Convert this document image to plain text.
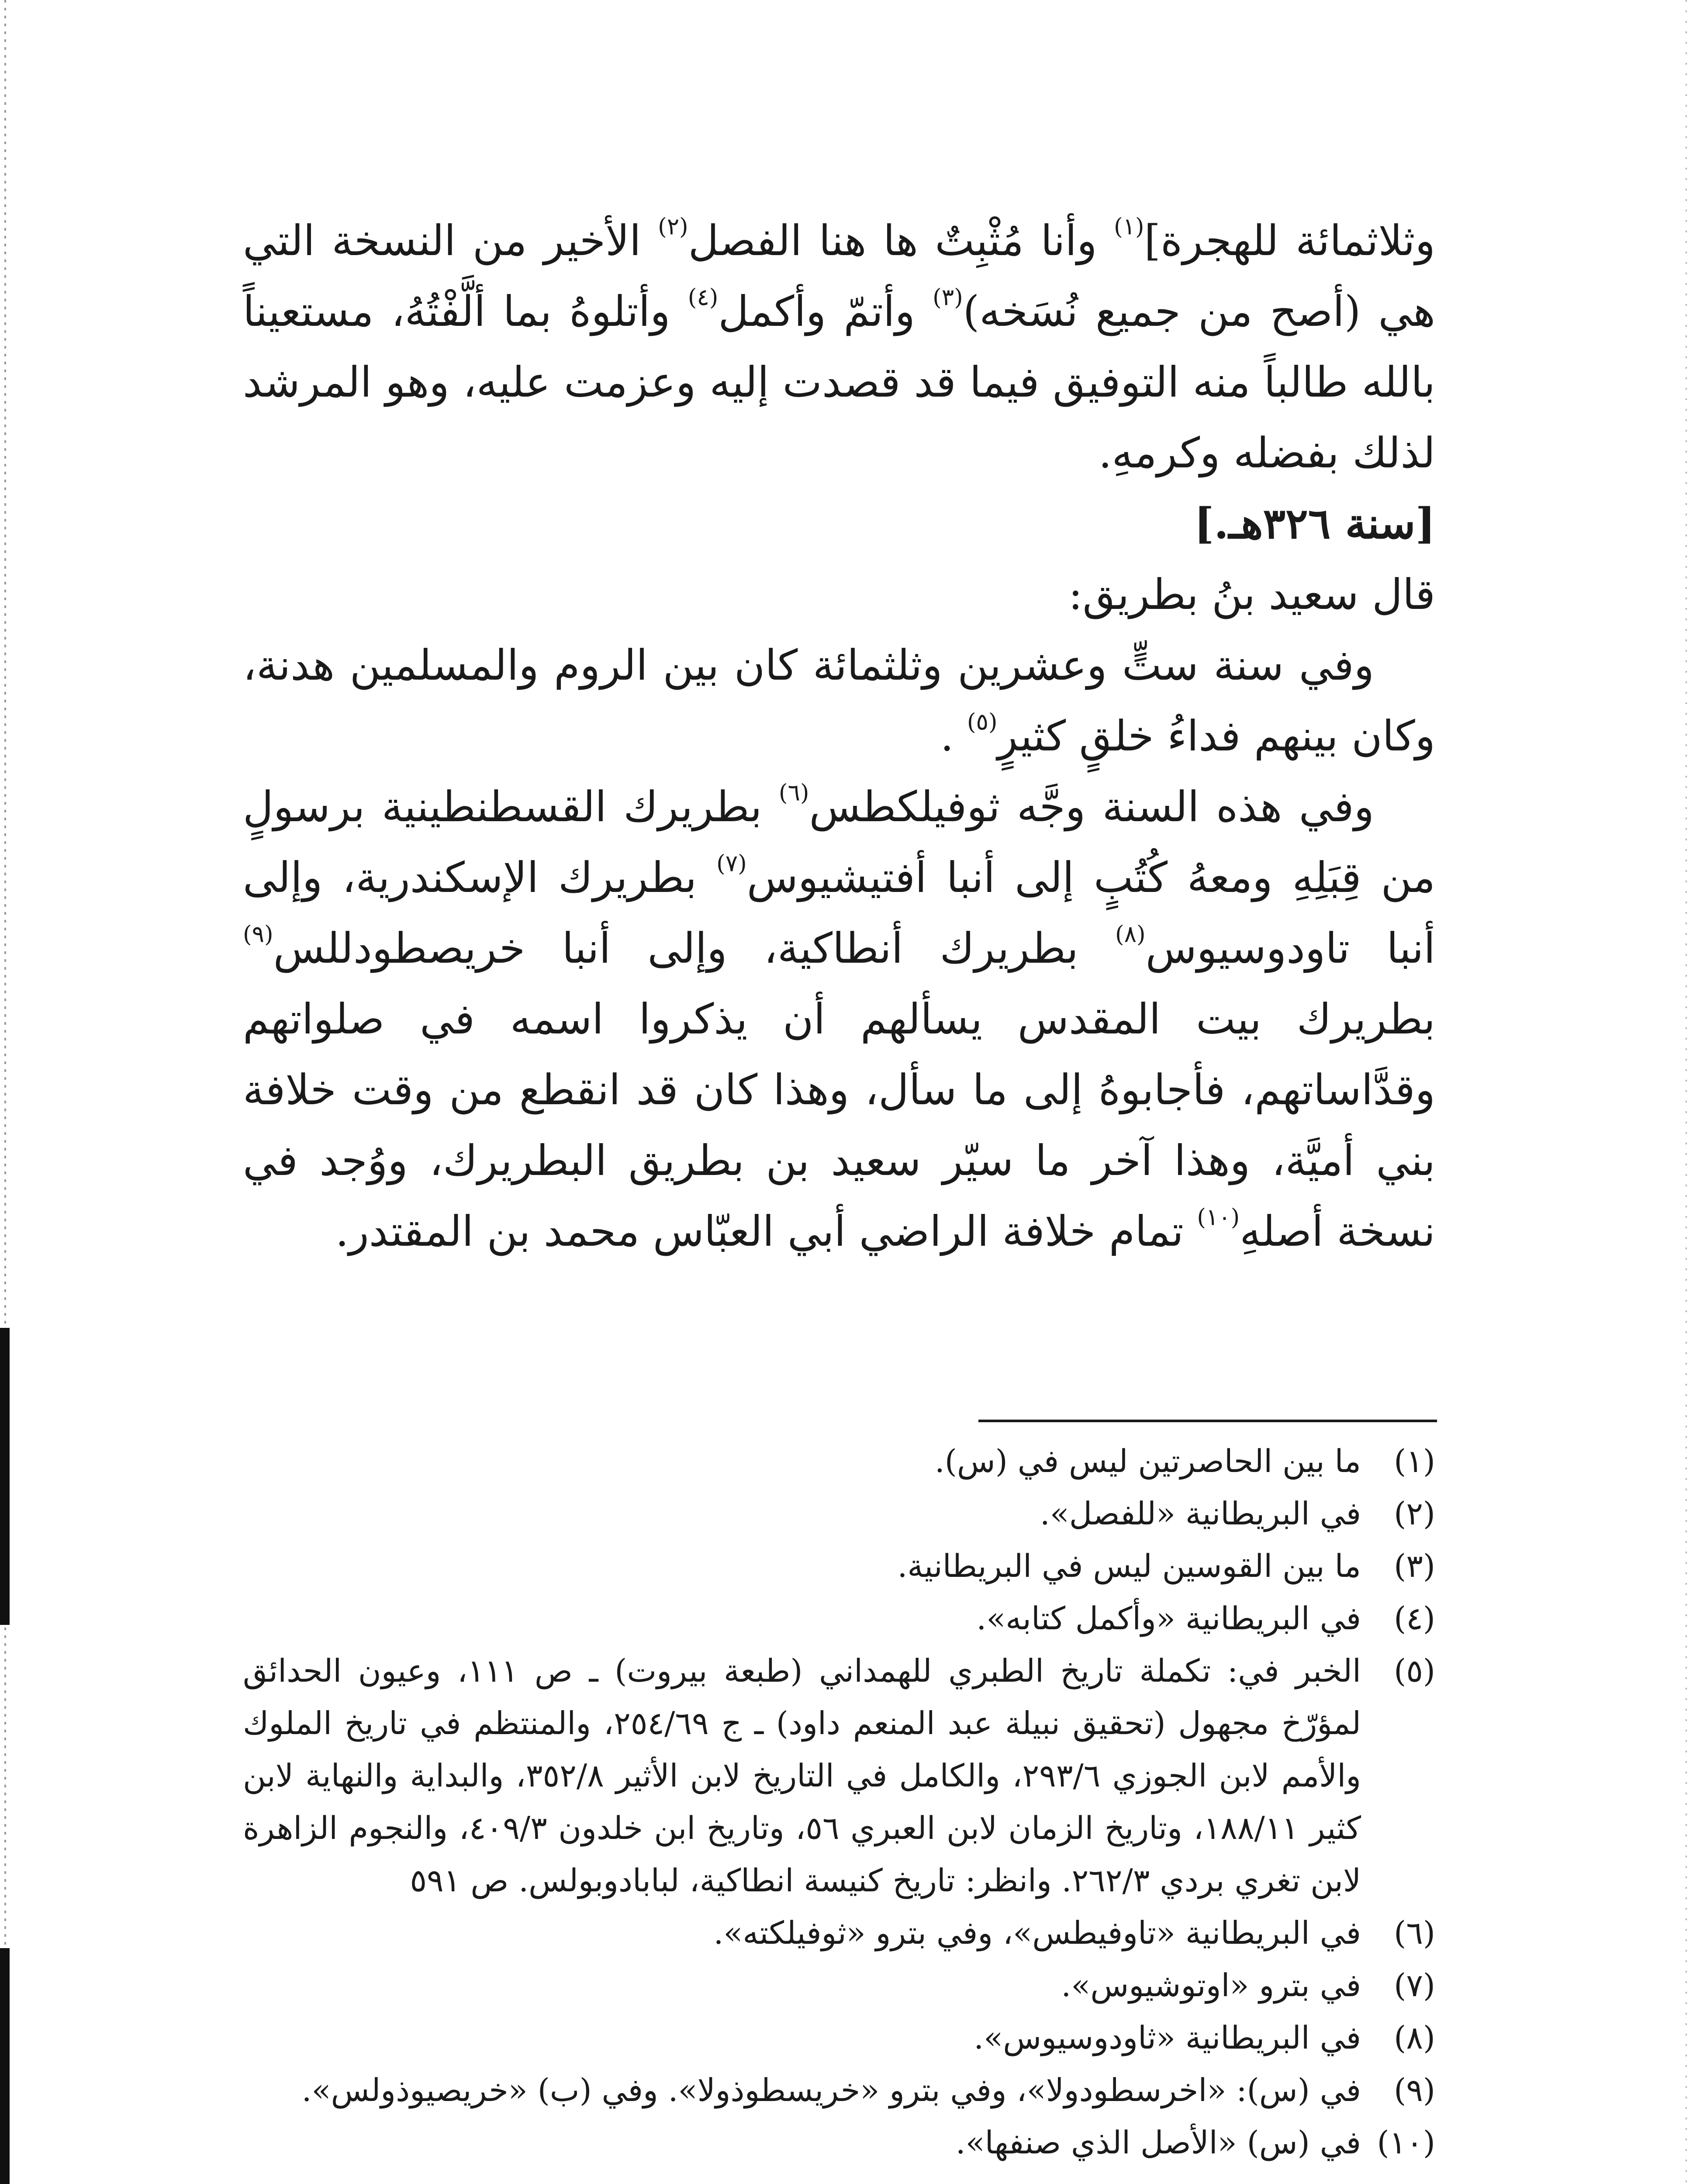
وثلاثمائة للهجرة]$^{(١)}$ وأنا مُثْبِتٌ ها هنا الفصل$^{(٢)}$ الأخير من النسخة التي هي (أصح من جميع نُسَخه)$^{(٣)}$ وأتمّ وأكمل$^{(٤)}$ وأتلوهُ بما ألَّفْتُهُ، مستعيناً بالله طالباً منه التوفيق فيما قد قصدت إليه وعزمت عليه، وهو المرشد لذلك بفضله وكرمهِ.

[سنة ٣٢٦هـ.]

قال سعيد بنُ بطريق:

وفي سنة ستٍّ وعشرين وثلثمائة كان بين الروم والمسلمين هدنة، وكان بينهم فداءُ خلقٍ كثيرٍ$^{(٥)}$ .

وفي هذه السنة وجَّه ثوفيلكطس$^{(٦)}$ بطريرك القسطنطينية برسولٍ من قِبَلِهِ ومعهُ كُتُبٍ إلى أنبا أفتيشيوس$^{(٧)}$ بطريرك الإسكندرية، وإلى أنبا تاودوسيوس$^{(٨)}$ بطريرك أنطاكية، وإلى أنبا خريصطودللس$^{(٩)}$ بطريرك بيت المقدس يسألهم أن يذكروا اسمه في صلواتهم وقدَّاساتهم، فأجابوهُ إلى ما سأل، وهذا كان قد انقطع من وقت خلافة بني أميَّة، وهذا آخر ما سيّر سعيد بن بطريق البطريرك، ووُجد في نسخة أصلهِ$^{(١٠)}$ تمام خلافة الراضي أبي العبّاس محمد بن المقتدر.

(١)
ما بين الحاصرتين ليس في (س).
(٢)
في البريطانية «للفصل».
(٣)
ما بين القوسين ليس في البريطانية.
(٤)
في البريطانية «وأكمل كتابه».
(٥)
الخبر في: تكملة تاريخ الطبري للهمداني (طبعة بيروت) ـ ص ١١١، وعيون الحدائق لمؤرّخ مجهول (تحقيق نبيلة عبد المنعم داود) ـ ج ٢٥٤/٦٩، والمنتظم في تاريخ الملوك والأمم لابن الجوزي ٢٩٣/٦، والكامل في التاريخ لابن الأثير ٣٥٢/٨، والبداية والنهاية لابن كثير ١٨٨/١١، وتاريخ الزمان لابن العبري ٥٦، وتاريخ ابن خلدون ٤٠٩/٣، والنجوم الزاهرة لابن تغري بردي ٢٦٢/٣. وانظر: تاريخ كنيسة انطاكية، لبابادوبولس. ص ٥٩١
(٦)
في البريطانية «تاوفيطس»، وفي بترو «ثوفيلكته».
(٧)
في بترو «اوتوشيوس».
(٨)
في البريطانية «ثاودوسيوس».
(٩)
في (س): «اخرسطودولا»، وفي بترو «خريسطوذولا». وفي (ب) «خريصيوذولس».
(١٠)
في (س) «الأصل الذي صنفها».
